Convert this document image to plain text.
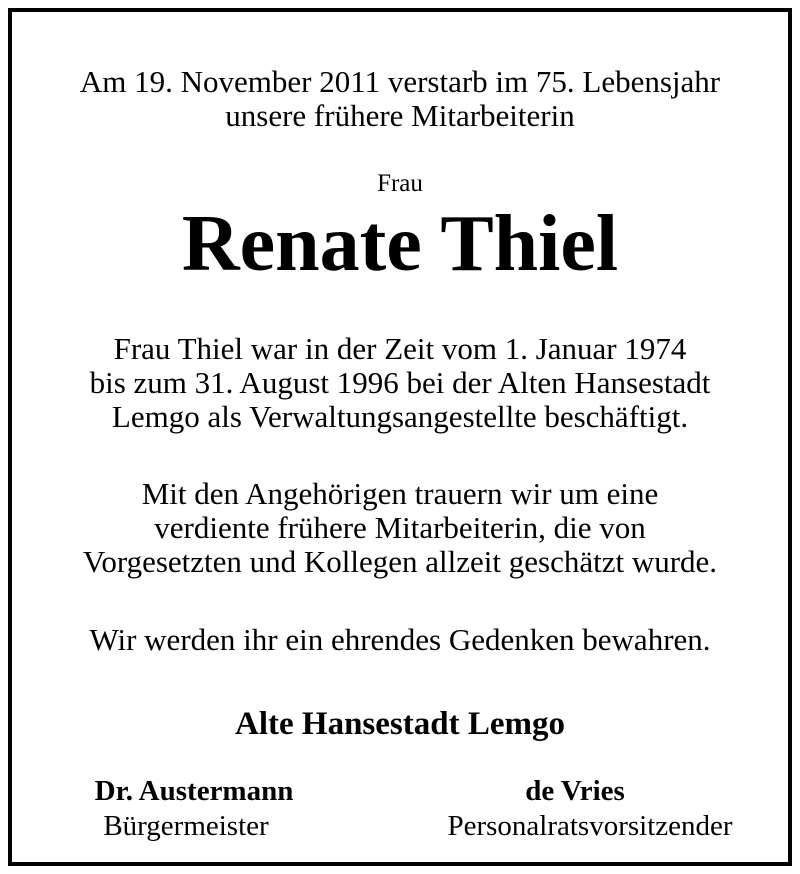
Am 19. November 2011 verstarb im 75. Lebensjahr
unsere frühere Mitarbeiterin
Frau
Renate Thiel
Frau Thiel war in der Zeit vom 1. Januar 1974
bis zum 31. August 1996 bei der Alten Hansestadt
Lemgo als Verwaltungsangestellte beschäftigt.
Mit den Angehörigen trauern wir um eine
verdiente frühere Mitarbeiterin, die von
Vorgesetzten und Kollegen allzeit geschätzt wurde.
Wir werden ihr ein ehrendes Gedenken bewahren.
Alte Hansestadt Lemgo
Dr. Austermann
Bürgermeister
de Vries
Personalratsvorsitzender
